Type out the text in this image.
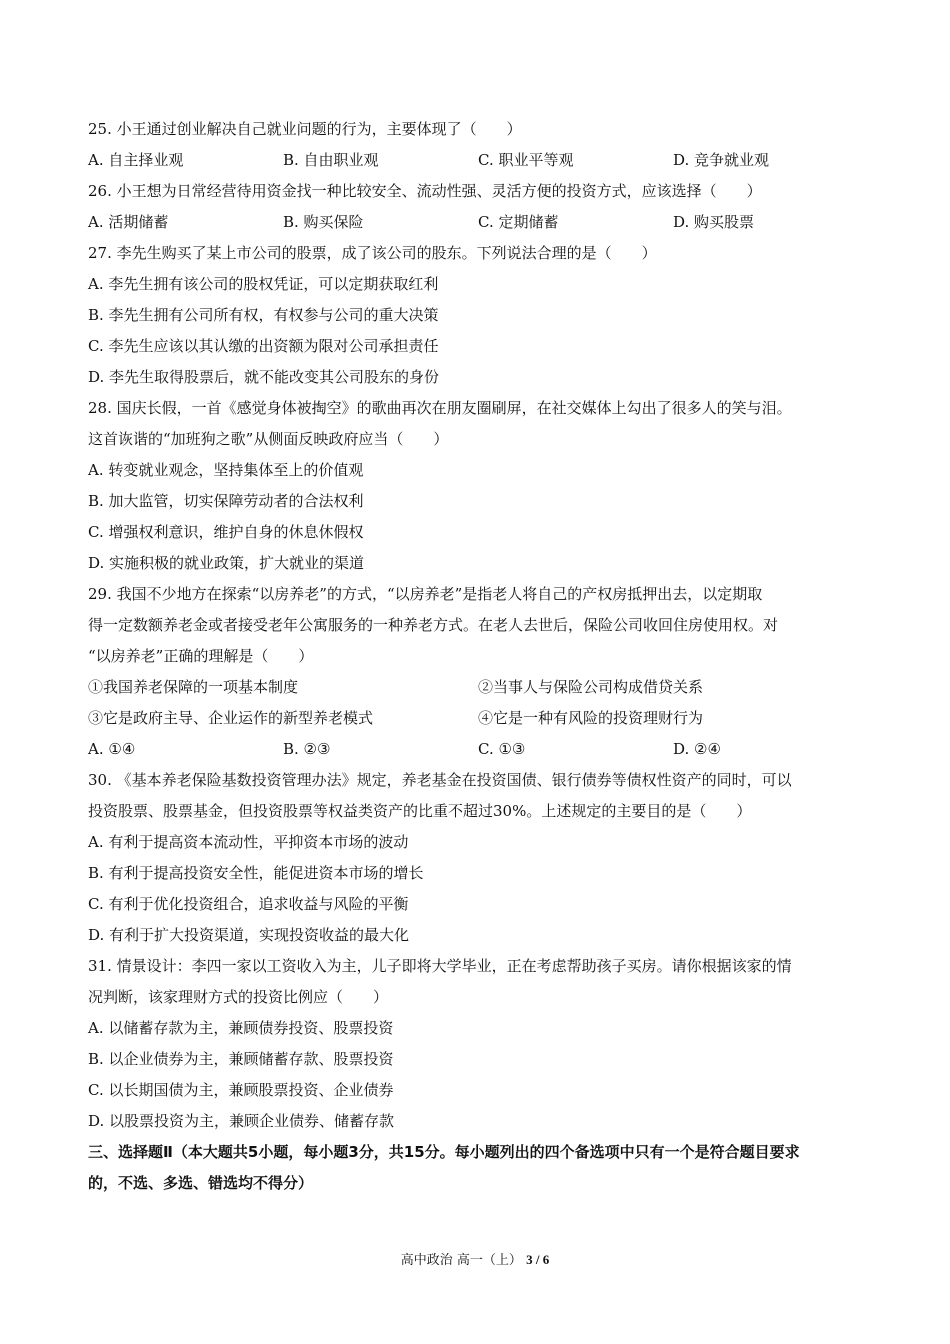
25. 小王通过创业解决自己就业问题的行为，主要体现了（　　）
A. 自主择业观	B. 自由职业观	C. 职业平等观	D. 竞争就业观
26. 小王想为日常经营待用资金找一种比较安全、流动性强、灵活方便的投资方式，应该选择（　　）
A. 活期储蓄	B. 购买保险	C. 定期储蓄	D. 购买股票
27. 李先生购买了某上市公司的股票，成了该公司的股东。下列说法合理的是（　　）
A. 李先生拥有该公司的股权凭证，可以定期获取红利
B. 李先生拥有公司所有权，有权参与公司的重大决策
C. 李先生应该以其认缴的出资额为限对公司承担责任
D. 李先生取得股票后，就不能改变其公司股东的身份
28. 国庆长假，一首《感觉身体被掏空》的歌曲再次在朋友圈刷屏，在社交媒体上勾出了很多人的笑与泪。
这首诙谐的“加班狗之歌”从侧面反映政府应当（　　）
A. 转变就业观念，坚持集体至上的价值观
B. 加大监管，切实保障劳动者的合法权利
C. 增强权利意识，维护自身的休息休假权
D. 实施积极的就业政策，扩大就业的渠道
29. 我国不少地方在探索“以房养老”的方式，“以房养老”是指老人将自己的产权房抵押出去，以定期取
得一定数额养老金或者接受老年公寓服务的一种养老方式。在老人去世后，保险公司收回住房使用权。对
“以房养老”正确的理解是（　　）
①我国养老保障的一项基本制度	②当事人与保险公司构成借贷关系
③它是政府主导、企业运作的新型养老模式	④它是一种有风险的投资理财行为
A. ①④	B. ②③	C. ①③	D. ②④
30. 《基本养老保险基数投资管理办法》规定，养老基金在投资国债、银行债券等债权性资产的同时，可以
投资股票、股票基金，但投资股票等权益类资产的比重不超过30%。上述规定的主要目的是（　　）
A. 有利于提高资本流动性，平抑资本市场的波动
B. 有利于提高投资安全性，能促进资本市场的增长
C. 有利于优化投资组合，追求收益与风险的平衡
D. 有利于扩大投资渠道，实现投资收益的最大化
31. 情景设计：李四一家以工资收入为主，儿子即将大学毕业，正在考虑帮助孩子买房。请你根据该家的情
况判断，该家理财方式的投资比例应（　　）
A. 以储蓄存款为主，兼顾债券投资、股票投资
B. 以企业债券为主，兼顾储蓄存款、股票投资
C. 以长期国债为主，兼顾股票投资、企业债券
D. 以股票投资为主，兼顾企业债券、储蓄存款
三、选择题Ⅱ（本大题共5小题，每小题3分，共15分。每小题列出的四个备选项中只有一个是符合题目要求
的，不选、多选、错选均不得分）
高中政治 高一（上） 3 / 6
